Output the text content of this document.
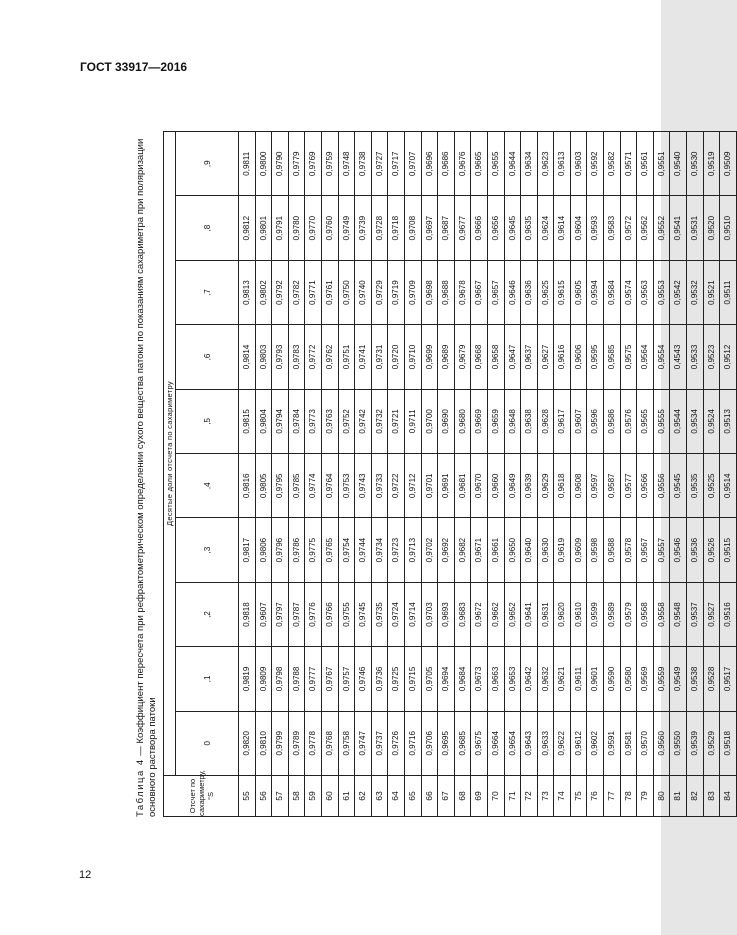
ГОСТ 33917—2016
Таблица 4 — Коэффициент пересчета при рефрактометрическом определении сухого вещества патоки по показаниям сахариметра при поляризации основного раствора патоки	Отсчет по сахариметру, °S	Десятые доли отсчета по сахариметру									
	0	,1	,2	,3	,4	,5	,6	,7	,8	,9
55	0,9820	0,9819	0,9818	0,9817	0,9816	0,9815	0,9814	0,9813	0,9812	0,9811
56	0,9810	0,9809	0,9607	0,9806	0,9805	0,9804	0,9803	0,9802	0,9801	0,9800
57	0,9799	0,9798	0,9797	0,9796	0,9795	0,9794	0,9793	0,9792	0,9791	0,9790
58	0,9789	0,9788	0,9787	0,9786	0,9785	0,9784	0,9783	0,9782	0,9780	0,9779
59	0,9778	0,9777	0,9776	0,9775	0,9774	0,9773	0,9772	0,9771	0,9770	0,9769
60	0,9768	0,9767	0,9766	0,9765	0,9764	0,9763	0,9762	0,9761	0,9760	0,9759
61	0,9758	0,9757	0,9755	0,9754	0,9753	0,9752	0,9751	0,9750	0,9749	0,9748
62	0,9747	0,9746	0,9745	0,9744	0,9743	0,9742	0,9741	0,9740	0,9739	0,9738
63	0,9737	0,9736	0,9735	0,9734	0,9733	0,9732	0,9731	0,9729	0,9728	0,9727
64	0,9726	0,9725	0,9724	0,9723	0,9722	0,9721	0,9720	0,9719	0,9718	0,9717
65	0,9716	0,9715	0,9714	0,9713	0,9712	0,9711	0,9710	0,9709	0,9708	0,9707
66	0,9706	0,9705	0,9703	0,9702	0,9701	0,9700	0,9699	0,9698	0,9697	0,9696
67	0,9695	0,9694	0,9693	0,9692	0,9691	0,9690	0,9689	0,9688	0,9687	0,9686
68	0,9685	0,9684	0,9683	0,9682	0,9681	0,9680	0,9679	0,9678	0,9677	0,9676
69	0,9675	0,9673	0,9672	0,9671	0,9670	0,9669	0,9668	0,9667	0,9666	0,9665
70	0,9664	0,9663	0,9662	0,9661	0,9660	0,9659	0,9658	0,9657	0,9656	0,9655
71	0,9654	0,9653	0,9652	0,9650	0,9649	0,9648	0,9647	0,9646	0,9645	0,9644
72	0,9643	0,9642	0,9641	0,9640	0,9639	0,9638	0,9637	0,9636	0,9635	0,9634
73	0,9633	0,9632	0,9631	0,9630	0,9629	0,9628	0,9627	0,9625	0,9624	0,9623
74	0,9622	0,9621	0,9620	0,9619	0,9618	0,9617	0,9616	0,9615	0,9614	0,9613
75	0,9612	0,9611	0,9610	0,9609	0,9608	0,9607	0,9606	0,9605	0,9604	0,9603
76	0,9602	0,9601	0,9599	0,9598	0,9597	0,9596	0,9595	0,9594	0,9593	0,9592
77	0,9591	0,9590	0,9589	0,9588	0,9587	0,9586	0,9585	0,9584	0,9583	0,9582
78	0,9581	0,9580	0,9579	0,9578	0,9577	0,9576	0,9575	0,9574	0,9572	0,9571
79	0,9570	0,9569	0,9568	0,9567	0,9566	0,9565	0,9564	0,9563	0,9562	0,9561
80	0,9560	0,9559	0,9558	0,9557	0,9556	0,9555	0,9554	0,9553	0,9552	0,9551
81	0,9550	0,9549	0,9548	0,9546	0,9545	0,9544	0,4543	0,9542	0,9541	0,9540
82	0,9539	0,9538	0,9537	0,9536	0,9535	0,9534	0,9533	0,9532	0,9531	0,9530
83	0,9529	0,9528	0,9527	0,9526	0,9525	0,9524	0,9523	0,9521	0,9520	0,9519
84	0,9518	0,9517	0,9516	0,9515	0,9514	0,9513	0,9512	0,9511	0,9510	0,9509
12
